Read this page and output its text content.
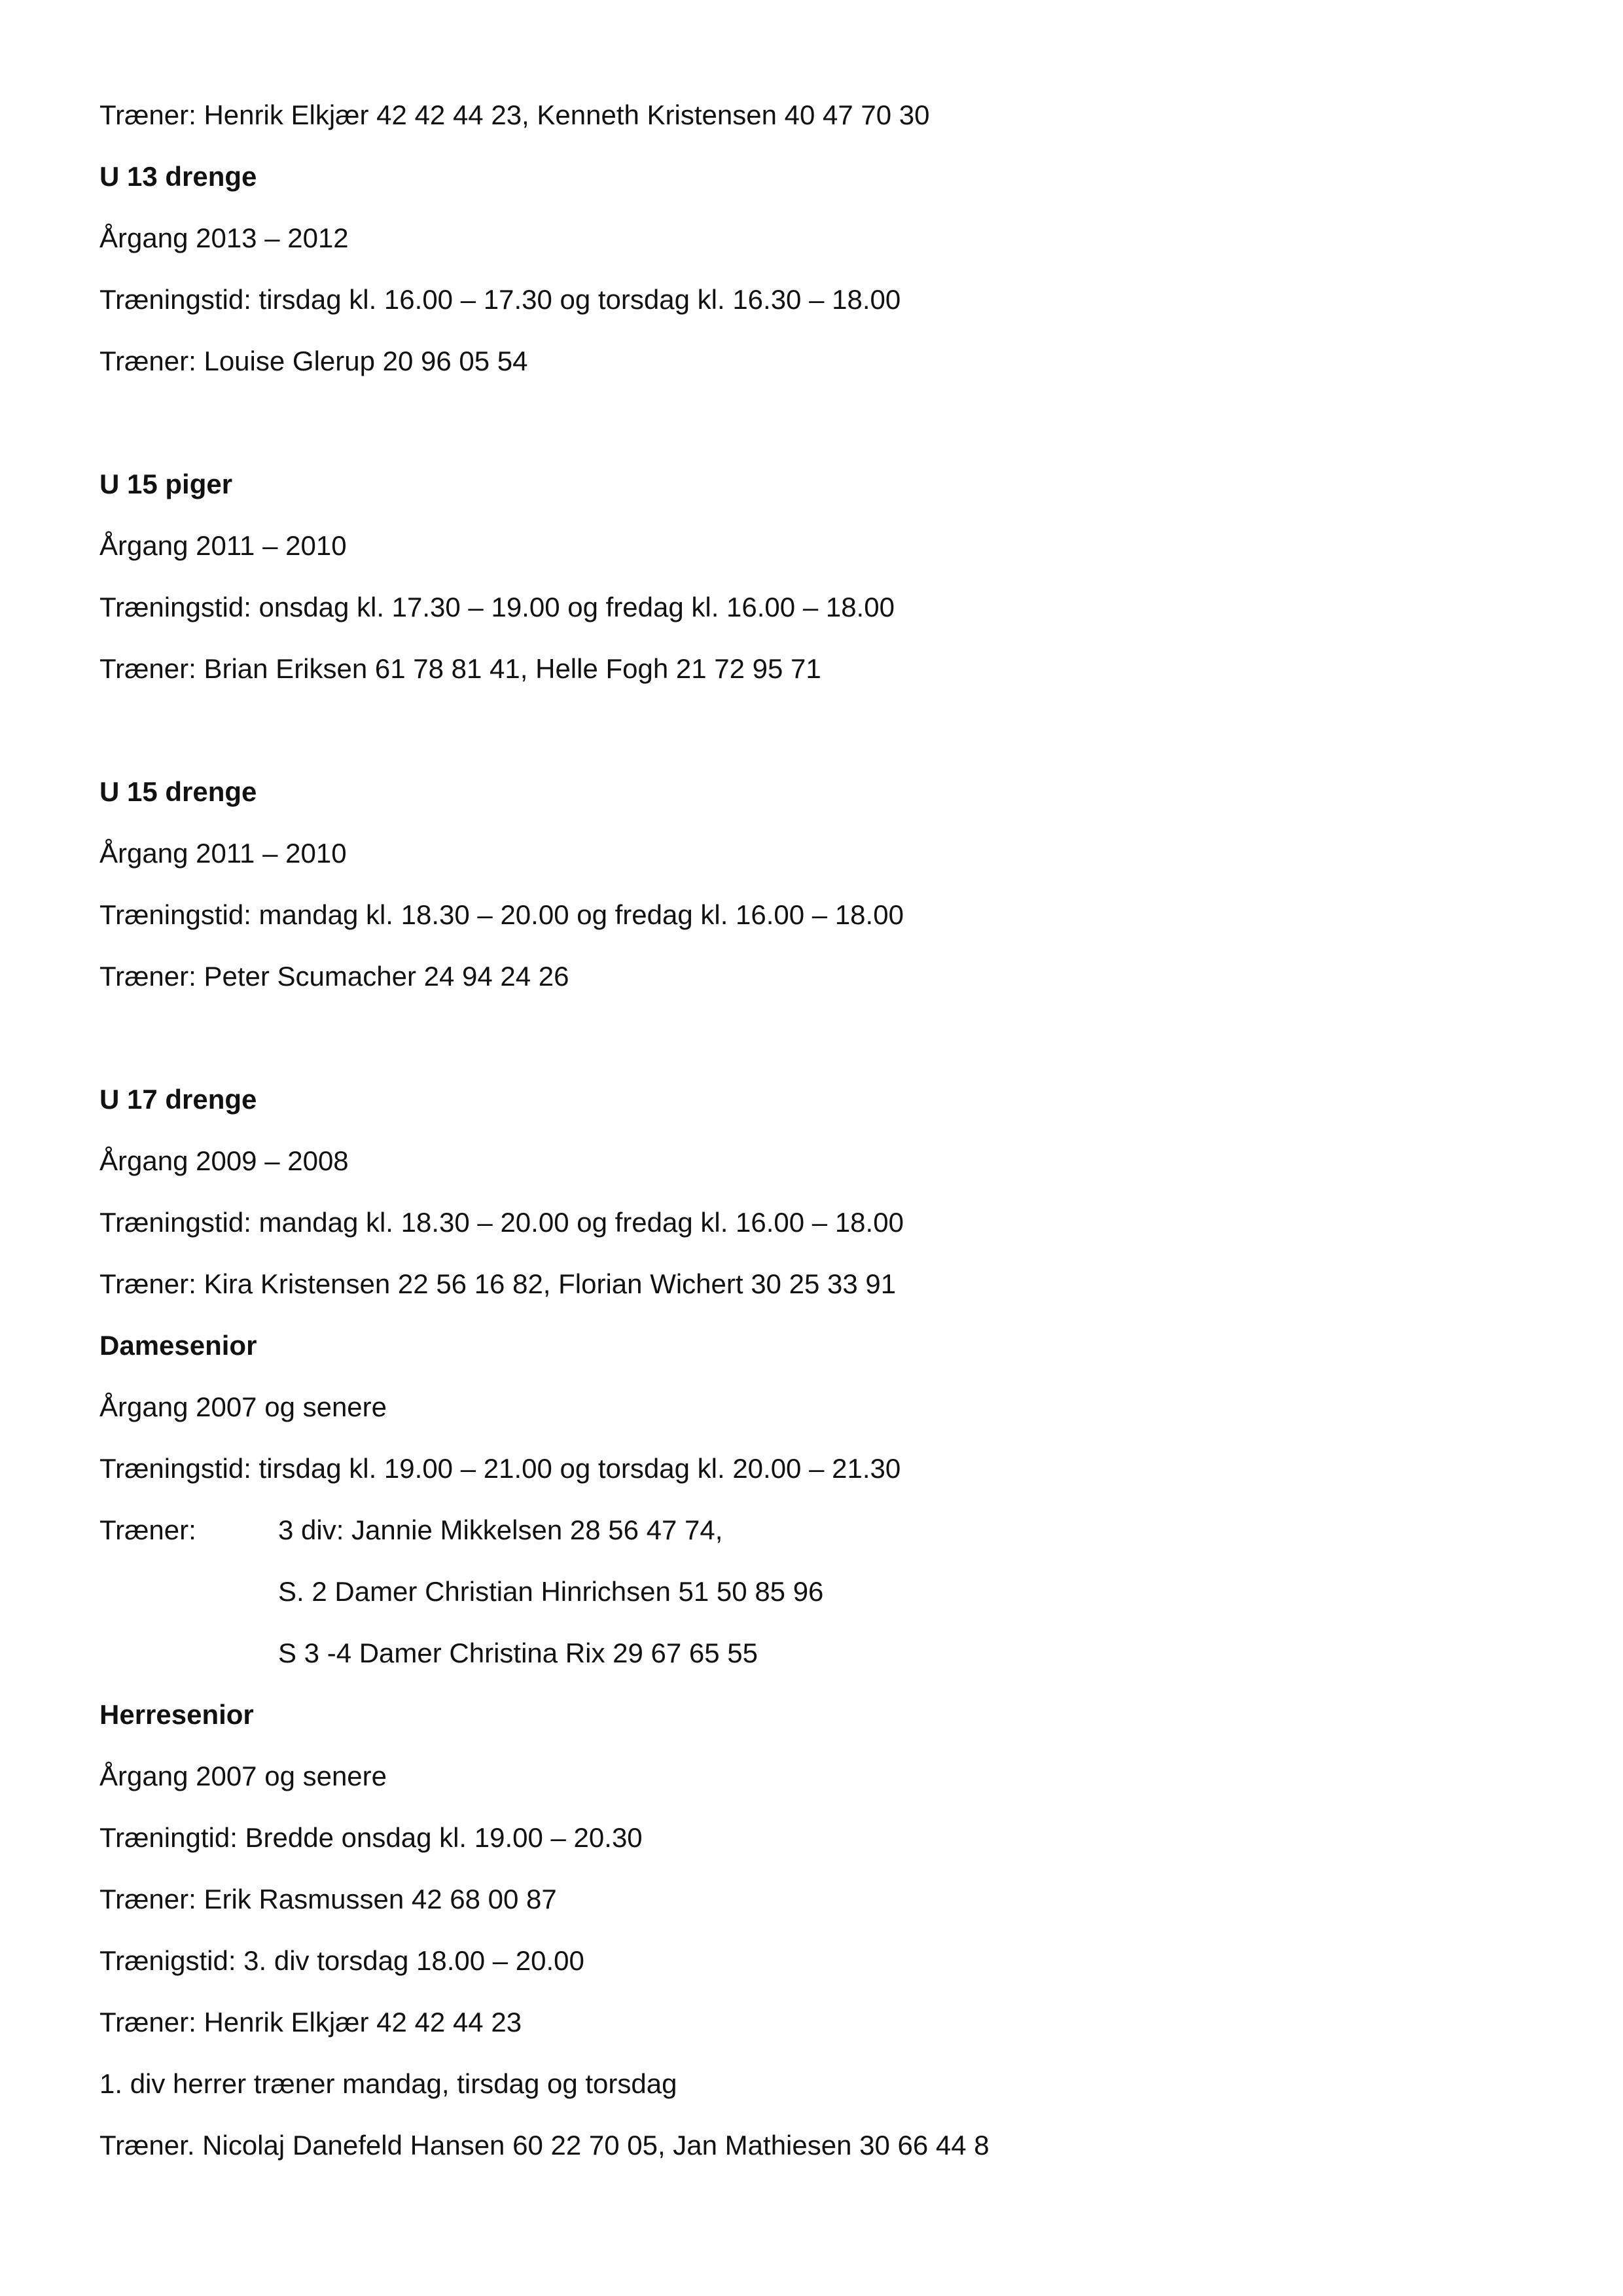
Træner: Henrik Elkjær 42 42 44 23, Kenneth Kristensen 40 47 70 30
U 13 drenge
Årgang 2013 – 2012
Træningstid: tirsdag kl. 16.00 – 17.30 og torsdag kl. 16.30 – 18.00
Træner: Louise Glerup 20 96 05 54
U 15 piger
Årgang 2011 – 2010
Træningstid: onsdag kl. 17.30 – 19.00 og fredag kl. 16.00 – 18.00
Træner: Brian Eriksen 61 78 81 41, Helle Fogh 21 72 95 71
U 15 drenge
Årgang 2011 – 2010
Træningstid: mandag kl. 18.30 – 20.00 og fredag kl. 16.00 – 18.00
Træner: Peter Scumacher 24 94 24 26
U 17 drenge
Årgang 2009 – 2008
Træningstid: mandag kl. 18.30 – 20.00 og fredag kl. 16.00 – 18.00
Træner: Kira Kristensen 22 56 16 82, Florian Wichert 30 25 33 91
Damesenior
Årgang 2007 og senere
Træningstid: tirsdag kl. 19.00 – 21.00 og torsdag kl. 20.00 – 21.30
Træner:	3 div: Jannie Mikkelsen 28 56 47 74,
S. 2 Damer Christian Hinrichsen 51 50 85 96
S 3 -4 Damer Christina Rix 29 67 65 55
Herresenior
Årgang 2007 og senere
Træningtid: Bredde onsdag kl. 19.00 – 20.30
Træner: Erik Rasmussen 42 68 00 87
Trænigstid: 3. div torsdag 18.00 – 20.00
Træner: Henrik Elkjær 42 42 44 23
1. div herrer træner mandag, tirsdag og torsdag
Træner. Nicolaj Danefeld Hansen 60 22 70 05, Jan Mathiesen 30 66 44 8
